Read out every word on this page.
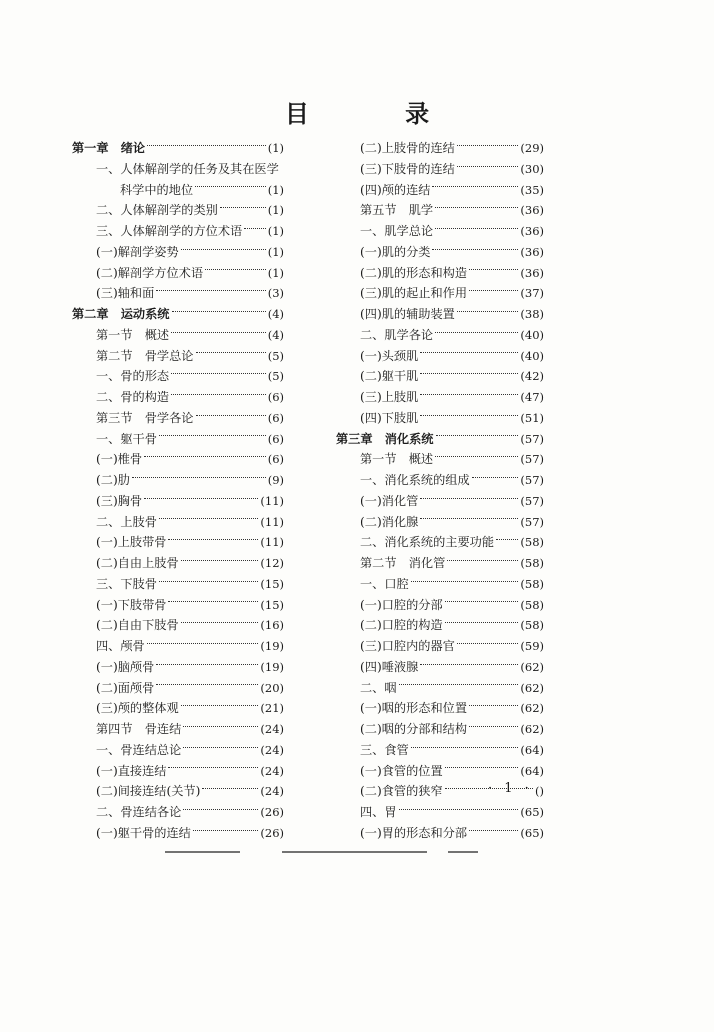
目 录
第一章　绪论	(1)
一、人体解剖学的任务及其在医学
科学中的地位	(1)
二、人体解剖学的类别	(1)
三、人体解剖学的方位术语 (1)
(一)解剖学姿势	(1)
(二)解剖学方位术语	(1)
(三)轴和面	(3)
第二章　运动系统	(4)
第一节　概述	(4)
第二节　骨学总论	(5)
一、骨的形态	(5)
二、骨的构造	(6)
第三节　骨学各论	(6)
一、躯干骨	(6)
(一)椎骨	(6)
(二)肋	(9)
(三)胸骨	(11)
二、上肢骨	(11)
(一)上肢带骨	(11)
(二)自由上肢骨	(12)
三、下肢骨	(15)
(一)下肢带骨	(15)
(二)自由下肢骨	(16)
四、颅骨	(19)
(一)脑颅骨	(19)
(二)面颅骨	(20)
(三)颅的整体观	(21)
第四节　骨连结	(24)
一、骨连结总论	(24)
(一)直接连结	(24)
(二)间接连结(关节)	(24)
二、骨连结各论	(26)
(一)躯干骨的连结	(26)
(二)上肢骨的连结	(29)
(三)下肢骨的连结	(30)
(四)颅的连结	(35)
第五节　肌学	(36)
一、肌学总论	(36)
(一)肌的分类	(36)
(二)肌的形态和构造	(36)
(三)肌的起止和作用	(37)
(四)肌的辅助装置	(38)
二、肌学各论	(40)
(一)头颈肌	(40)
(二)躯干肌	(42)
(三)上肢肌	(47)
(四)下肢肌	(51)
第三章　消化系统	(57)
第一节　概述	(57)
一、消化系统的组成	(57)
(一)消化管	(57)
(二)消化腺	(57)
二、消化系统的主要功能 (58)
第二节　消化管	(58)
一、口腔	(58)
(一)口腔的分部	(58)
(二)口腔的构造	(58)
(三)口腔内的器官	(59)
(四)唾液腺	(62)
二、咽	(62)
(一)咽的形态和位置	(62)
(二)咽的分部和结构	(62)
三、食管	(64)
(一)食管的位置	(64)
(二)食管的狭窄	()
四、胃	(65)
(一)胃的形态和分部	(65)
· 1 ·
